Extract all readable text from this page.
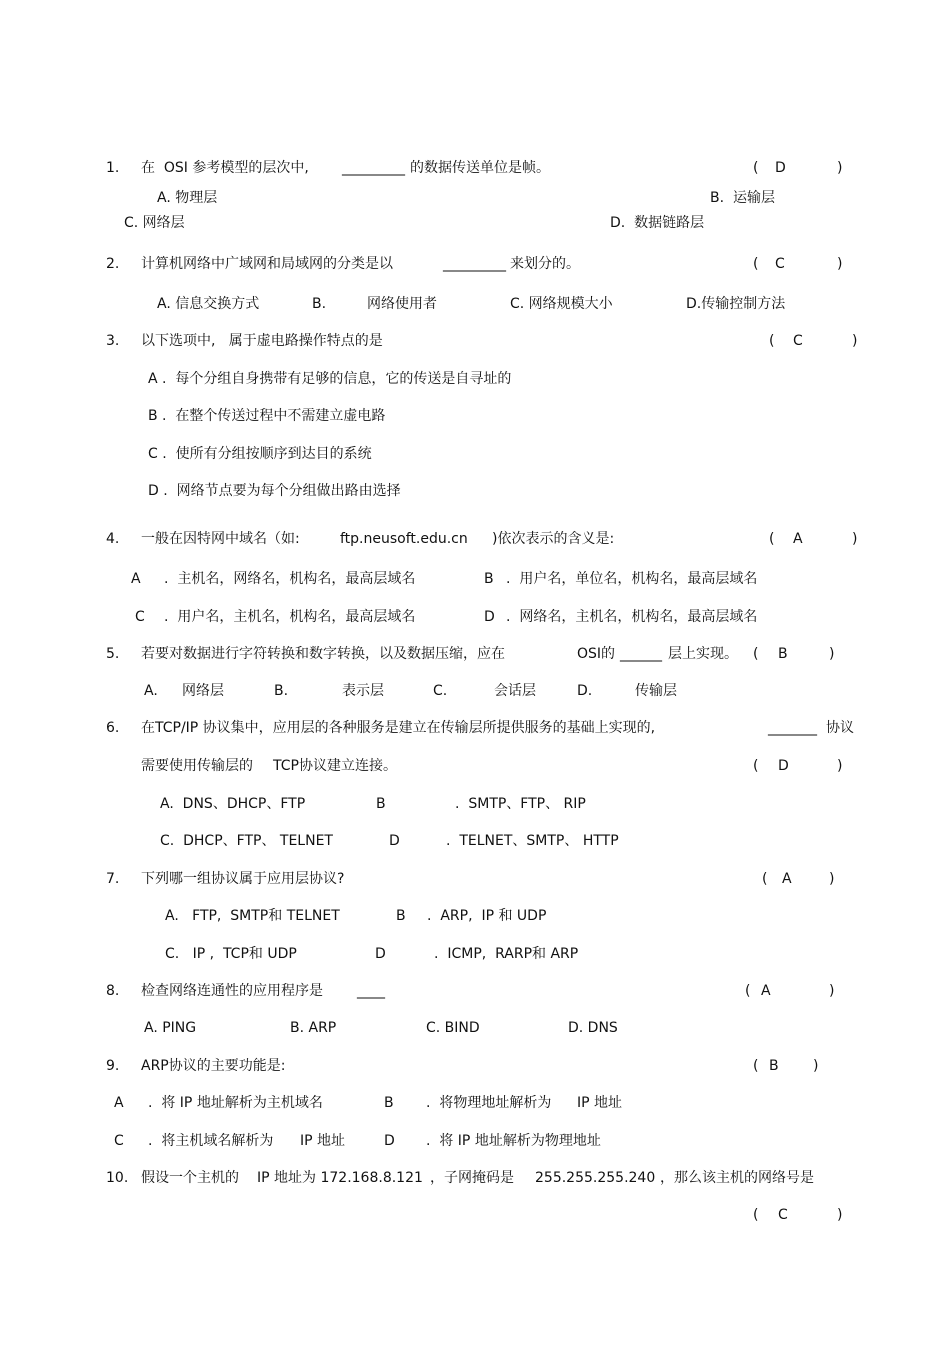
1. 在  OSI 参考模型的层次中, _________ 的数据传送单位是帧。	( D	)
A. 物理层	B.  运输层
C. 网络层	D.  数据链路层
2. 计算机网络中广域网和局域网的分类是以	_________ 来划分的。	( C	)
A. 信息交换方式	B.	网络使用者	C. 网络规模大小	D.传输控制方法
3. 以下选项中,   属于虚电路操作特点的是	( C	)
A .  每个分组自身携带有足够的信息，它的传送是自寻址的
B .  在整个传送过程中不需建立虚电路
C .  使所有分组按顺序到达目的系统
D .  网络节点要为每个分组做出路由选择
4. 一般在因特网中域名（如:	ftp.neusoft.edu.cn )依次表示的含义是:	( A	)
A .  主机名，网络名，机构名，最高层域名	B .  用户名，单位名，机构名，最高层域名
C .  用户名，主机名，机构名，最高层域名	D .  网络名，主机名，机构名，最高层域名
5. 若要对数据进行字符转换和数字转换，以及数据压缩，应在	OSI的 ______ 层上实现。 ( B	)
A. 网络层	B.	表示层	C.	会话层	D.	传输层
6. 在TCP/IP 协议集中，应用层的各种服务是建立在传输层所提供服务的基础上实现的,	_______ 协议
需要使用传输层的 TCP协议建立连接。	( D	)
A.  DNS、DHCP、FTP	B	.  SMTP、FTP、 RIP
C.  DHCP、FTP、 TELNET	D	.  TELNET、SMTP、 HTTP
7. 下列哪一组协议属于应用层协议?	( A	)
A.   FTP,  SMTP和 TELNET	B .  ARP,  IP 和 UDP
C.   IP ,  TCP和 UDP	D	.  ICMP,  RARP和 ARP
8. 检查网络连通性的应用程序是 ____	( A	)
A. PING	B. ARP	C. BIND	D. DNS
9. ARP协议的主要功能是:	( B )
A .  将 IP 地址解析为主机域名	B .  将物理地址解析为 IP 地址
C .  将主机域名解析为 IP 地址	D .  将 IP 地址解析为物理地址
10. 假设一个主机的 IP 地址为 172.168.8.121 ，子网掩码是 255.255.255.240 ，那么该主机的网络号是
( C	)
